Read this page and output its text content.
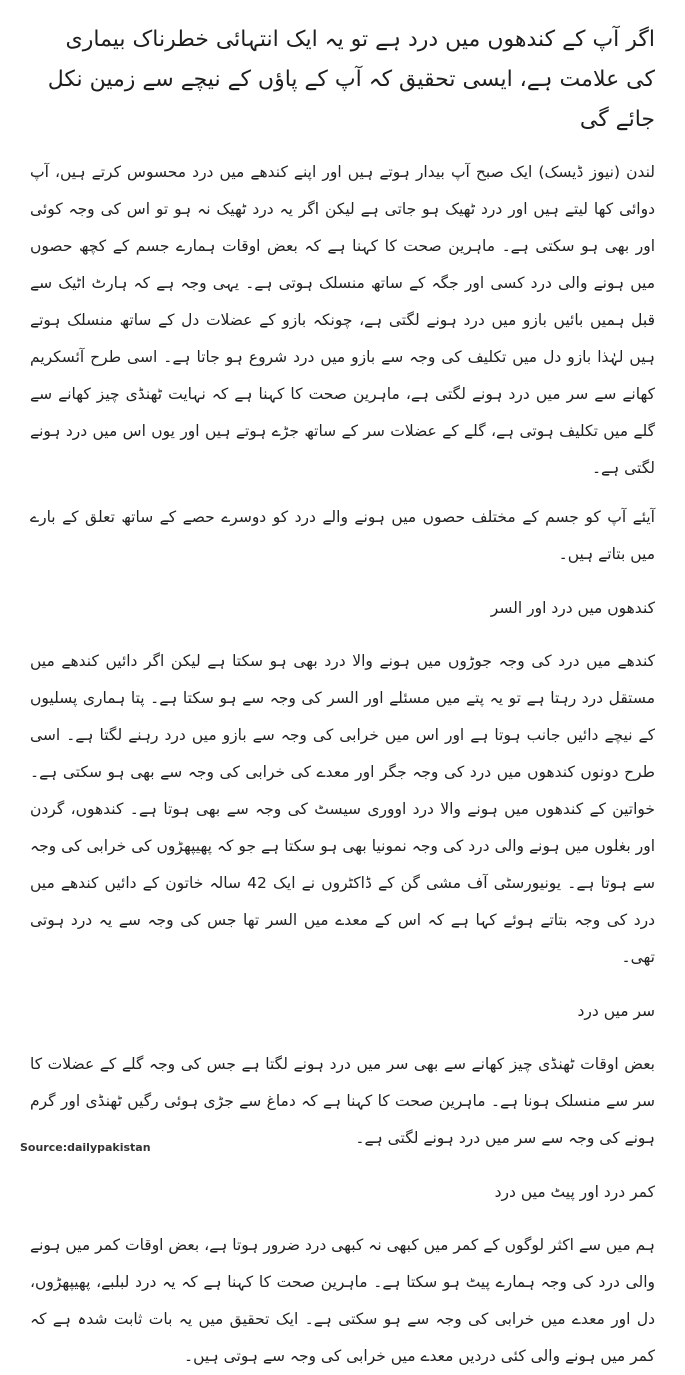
اگر آپ کے کندھوں میں درد ہے تو یہ ایک انتہائی خطرناک بیماری کی علامت ہے، ایسی تحقیق کہ آپ کے پاؤں کے نیچے سے زمین نکل جائے گی

لندن (نیوز ڈیسک) ایک صبح آپ بیدار ہوتے ہیں اور اپنے کندھے میں درد محسوس کرتے ہیں، آپ دوائی کھا لیتے ہیں اور درد ٹھیک ہو جاتی ہے لیکن اگر یہ درد ٹھیک نہ ہو تو اس کی وجہ کوئی اور بھی ہو سکتی ہے۔ ماہرین صحت کا کہنا ہے کہ بعض اوقات ہمارے جسم کے کچھ حصوں میں ہونے والی درد کسی اور جگہ کے ساتھ منسلک ہوتی ہے۔ یہی وجہ ہے کہ ہارٹ اٹیک سے قبل ہمیں بائیں بازو میں درد ہونے لگتی ہے، چونکہ بازو کے عضلات دل کے ساتھ منسلک ہوتے ہیں لہٰذا بازو دل میں تکلیف کی وجہ سے بازو میں درد شروع ہو جاتا ہے۔ اسی طرح آئسکریم کھانے سے سر میں درد ہونے لگتی ہے، ماہرین صحت کا کہنا ہے کہ نہایت ٹھنڈی چیز کھانے سے گلے میں تکلیف ہوتی ہے، گلے کے عضلات سر کے ساتھ جڑے ہوتے ہیں اور یوں اس میں درد ہونے لگتی ہے۔

آیئے آپ کو جسم کے مختلف حصوں میں ہونے والے درد کو دوسرے حصے کے ساتھ تعلق کے بارے میں بتاتے ہیں۔

کندھوں میں درد اور السر

کندھے میں درد کی وجہ جوڑوں میں ہونے والا درد بھی ہو سکتا ہے لیکن اگر دائیں کندھے میں مستقل درد رہتا ہے تو یہ پتے میں مسئلے اور السر کی وجہ سے ہو سکتا ہے۔ پتا ہماری پسلیوں کے نیچے دائیں جانب ہوتا ہے اور اس میں خرابی کی وجہ سے بازو میں درد رہنے لگتا ہے۔ اسی طرح دونوں کندھوں میں درد کی وجہ جگر اور معدے کی خرابی کی وجہ سے بھی ہو سکتی ہے۔ خواتین کے کندھوں میں ہونے والا درد اووری سیسٹ کی وجہ سے بھی ہوتا ہے۔ کندھوں، گردن اور بغلوں میں ہونے والی درد کی وجہ نمونیا بھی ہو سکتا ہے جو کہ پھیپھڑوں کی خرابی کی وجہ سے ہوتا ہے۔ یونیورسٹی آف مشی گن کے ڈاکٹروں نے ایک 42 سالہ خاتون کے دائیں کندھے میں درد کی وجہ بتاتے ہوئے کہا ہے کہ اس کے معدے میں السر تھا جس کی وجہ سے یہ درد ہوتی تھی۔

سر میں درد

بعض اوقات ٹھنڈی چیز کھانے سے بھی سر میں درد ہونے لگتا ہے جس کی وجہ گلے کے عضلات کا سر سے منسلک ہونا ہے۔ ماہرین صحت کا کہنا ہے کہ دماغ سے جڑی ہوئی رگیں ٹھنڈی اور گرم ہونے کی وجہ سے سر میں درد ہونے لگتی ہے۔

کمر درد اور پیٹ میں درد

ہم میں سے اکثر لوگوں کے کمر میں کبھی نہ کبھی درد ضرور ہوتا ہے، بعض اوقات کمر میں ہونے والی درد کی وجہ ہمارے پیٹ ہو سکتا ہے۔ ماہرین صحت کا کہنا ہے کہ یہ درد لبلبے، پھیپھڑوں، دل اور معدے میں خرابی کی وجہ سے ہو سکتی ہے۔ ایک تحقیق میں یہ بات ثابت شدہ ہے کہ کمر میں ہونے والی کئی دردیں معدے میں خرابی کی وجہ سے ہوتی ہیں۔

Source:dailypakistan
